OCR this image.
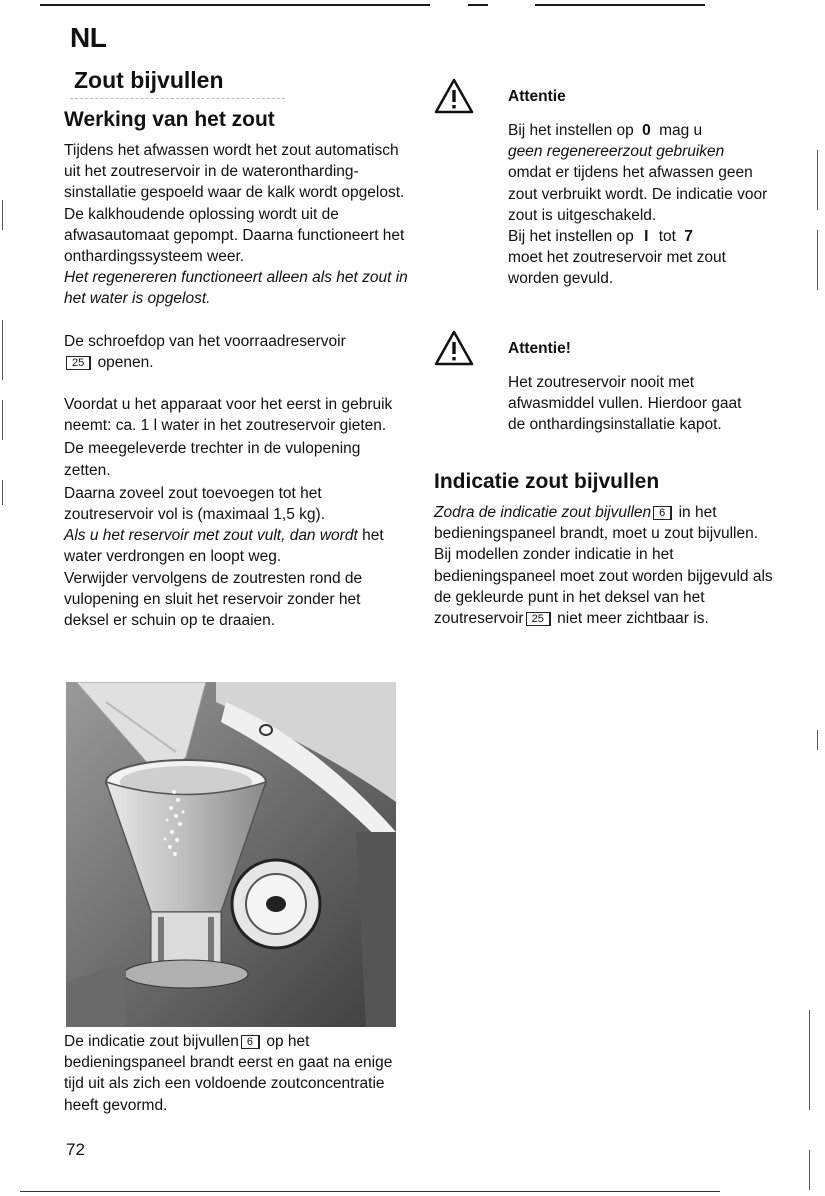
NL
Zout bijvullen
Werking van het zout

Tijdens het afwassen wordt het zout automatisch uit het zoutreservoir in de wateronthardingsinstallatie gespoeld waar de kalk wordt opgelost.

De kalkhoudende oplossing wordt uit de afwasautomaat gepompt. Daarna functioneert het onthardingssysteem weer.

Het regenereren functioneert alleen als het zout in het water is opgelost.

De schroefdop van het voorraadreservoir
25 openen.

Voordat u het apparaat voor het eerst in gebruik neemt: ca. 1 l water in het zoutreservoir gieten.

De meegeleverde trechter in de vulopening zetten.

Daarna zoveel zout toevoegen tot het zoutreservoir vol is (maximaal 1,5 kg).

Als u het reservoir met zout vult, dan wordt het water verdrongen en loopt weg.

Verwijder vervolgens de zoutresten rond de vulopening en sluit het reservoir zonder het deksel er schuin op te draaien.

De indicatie zout bijvullen 6 op het bedieningspaneel brandt eerst en gaat na enige tijd uit als zich een voldoende zoutconcentratie heeft gevormd.

72
Attentie

Bij het instellen op 0 mag u

geen regenereerzout gebruiken

omdat er tijdens het afwassen geen zout verbruikt wordt. De indicatie voor zout is uitgeschakeld.

Bij het instellen op I tot 7

moet het zoutreservoir met zout worden gevuld.

Attentie!

Het zoutreservoir nooit met afwasmiddel vullen. Hierdoor gaat de onthardingsinstallatie kapot.

Indicatie zout bijvullen

Zodra de indicatie zout bijvullen 6 in het bedieningspaneel brandt, moet u zout bijvullen.

Bij modellen zonder indicatie in het bedieningspaneel moet zout worden bijgevuld als de gekleurde punt in het deksel van het zoutreservoir 25 niet meer zichtbaar is.
